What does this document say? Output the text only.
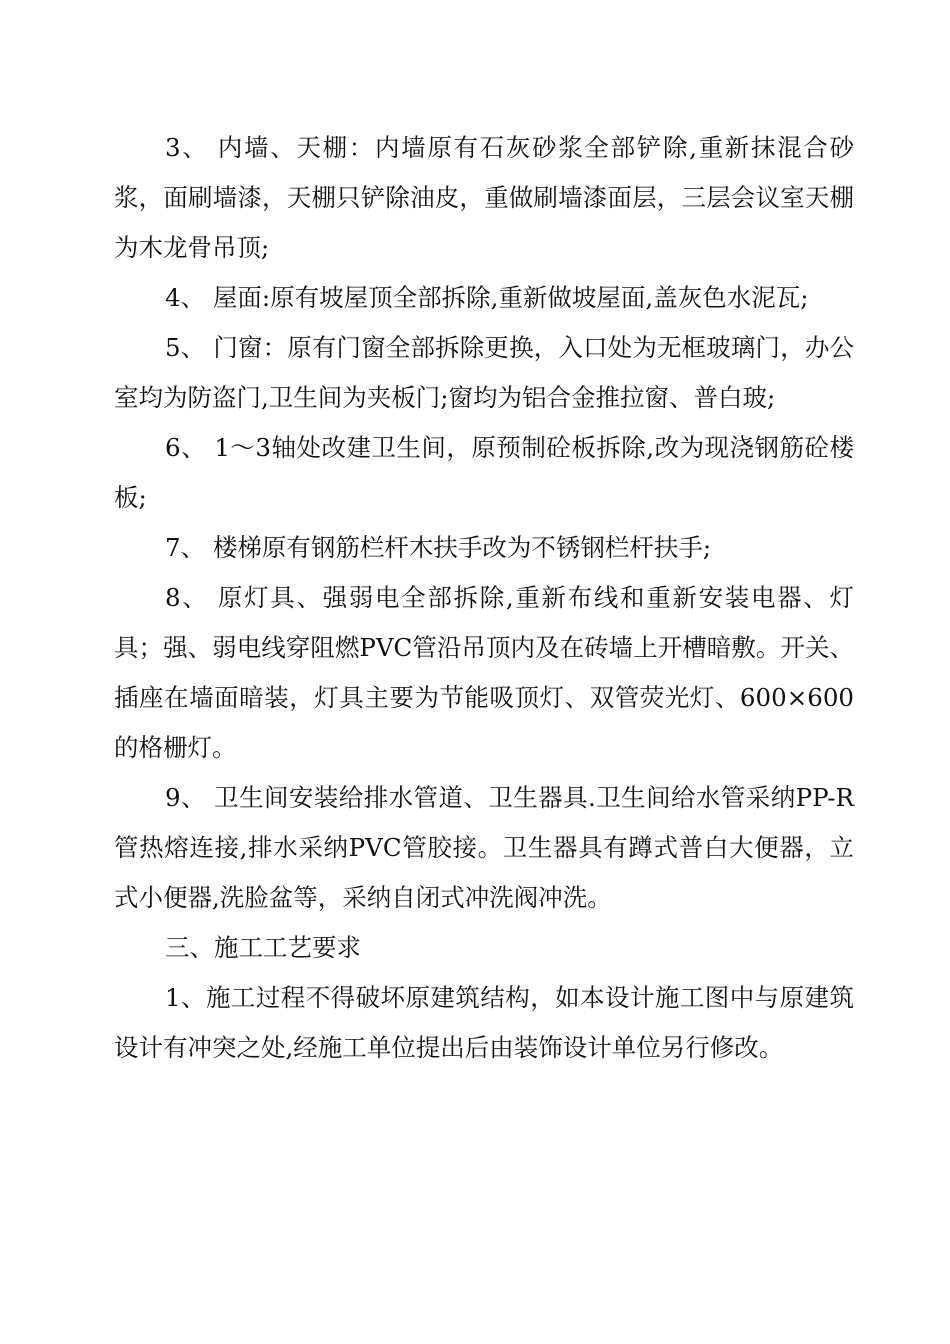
3、 内墙、天棚：内墙原有石灰砂浆全部铲除,重新抹混合砂浆，面刷墙漆，天棚只铲除油皮，重做刷墙漆面层，三层会议室天棚为木龙骨吊顶;

4、 屋面:原有坡屋顶全部拆除,重新做坡屋面,盖灰色水泥瓦;

5、 门窗：原有门窗全部拆除更换，入口处为无框玻璃门，办公室均为防盗门,卫生间为夹板门;窗均为铝合金推拉窗、普白玻;

6、 1～3轴处改建卫生间，原预制砼板拆除,改为现浇钢筋砼楼板;

7、 楼梯原有钢筋栏杆木扶手改为不锈钢栏杆扶手;

8、 原灯具、强弱电全部拆除,重新布线和重新安装电器、灯具；强、弱电线穿阻燃PVC管沿吊顶内及在砖墙上开槽暗敷。开关、插座在墙面暗装，灯具主要为节能吸顶灯、双管荧光灯、600×600的格栅灯。

9、 卫生间安装给排水管道、卫生器具.卫生间给水管采纳PP-R管热熔连接,排水采纳PVC管胶接。卫生器具有蹲式普白大便器，立式小便器,洗脸盆等，采纳自闭式冲洗阀冲洗。

三、施工工艺要求

1、施工过程不得破坏原建筑结构，如本设计施工图中与原建筑设计有冲突之处,经施工单位提出后由装饰设计单位另行修改。
